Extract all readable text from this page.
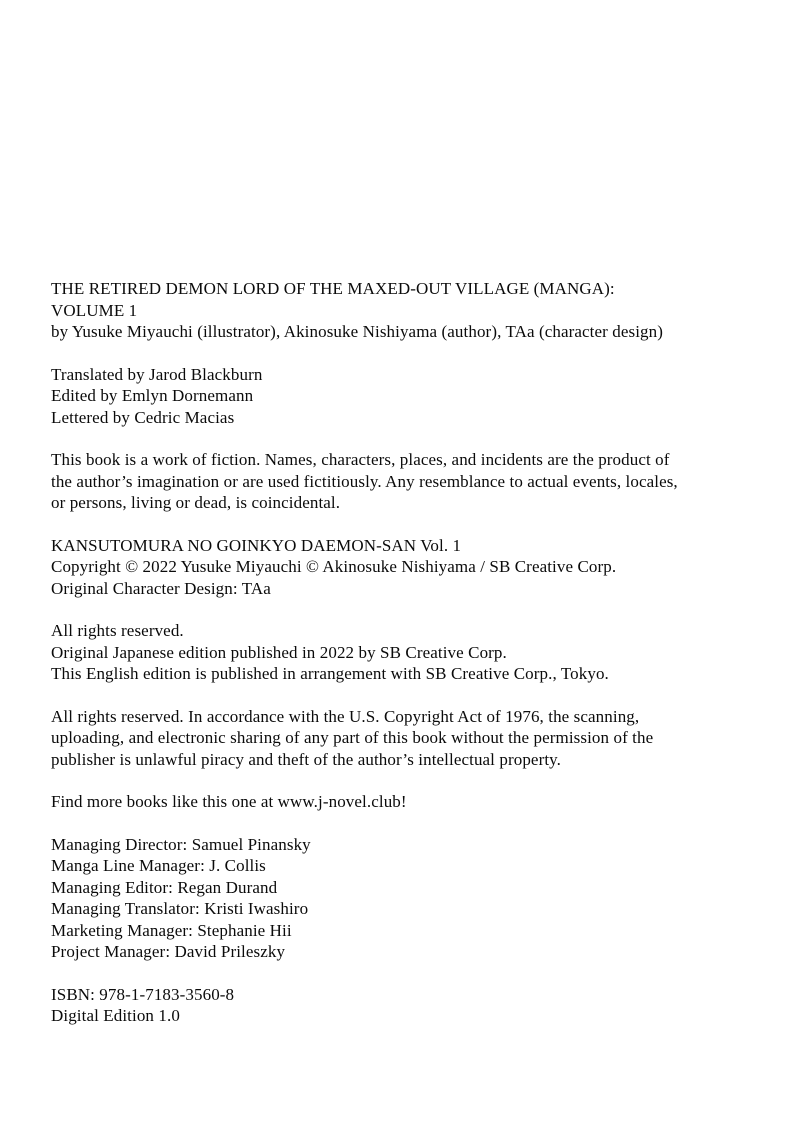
THE RETIRED DEMON LORD OF THE MAXED-OUT VILLAGE (MANGA): VOLUME 1
by Yusuke Miyauchi (illustrator), Akinosuke Nishiyama (author), TAa (character design)
Translated by Jarod Blackburn
Edited by Emlyn Dornemann
Lettered by Cedric Macias

This book is a work of fiction. Names, characters, places, and incidents are the product of the author’s imagination or are used fictitiously. Any resemblance to actual events, locales, or persons, living or dead, is coincidental.

KANSUTOMURA NO GOINKYO DAEMON-SAN Vol. 1
Copyright © 2022 Yusuke Miyauchi © Akinosuke Nishiyama / SB Creative Corp.
Original Character Design: TAa
All rights reserved.
Original Japanese edition published in 2022 by SB Creative Corp.
This English edition is published in arrangement with SB Creative Corp., Tokyo.

All rights reserved. In accordance with the U.S. Copyright Act of 1976, the scanning, uploading, and electronic sharing of any part of this book without the permission of the publisher is unlawful piracy and theft of the author’s intellectual property.

Find more books like this one at www.j-novel.club!

Managing Director: Samuel Pinansky
Manga Line Manager: J. Collis
Managing Editor: Regan Durand
Managing Translator: Kristi Iwashiro
Marketing Manager: Stephanie Hii
Project Manager: David Prileszky
ISBN: 978-1-7183-3560-8
Digital Edition 1.0
